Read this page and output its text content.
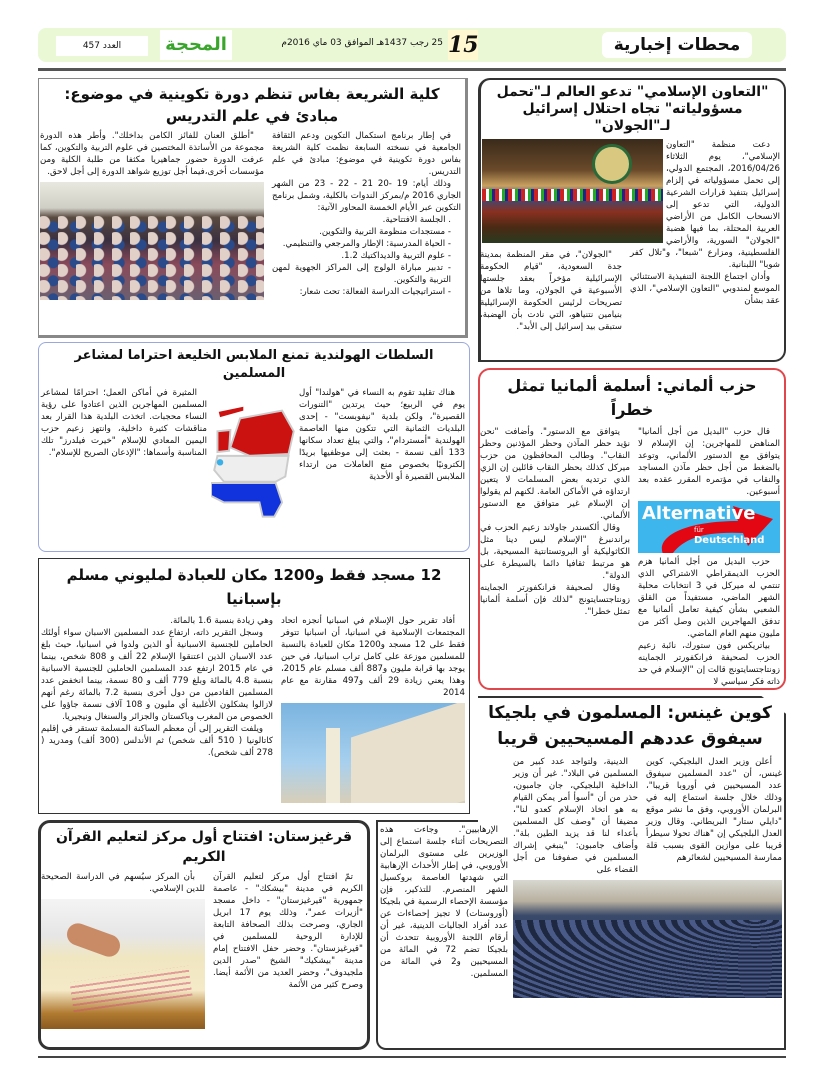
محطات إخبارية
15
25 رجب 1437هـ الموافق 03 ماي 2016م
المحجة
العدد 457
"التعاون الإسلامي" تدعو العالم لـ"تحمل
مسؤولياته" تجاه احتلال إسرائيل لـ"الجولان"

دعت منظمة "التعاون الإسلامي"، يوم الثلاثاء 2016/04/26، المجتمع الدولي، إلى تحمل مسؤولياته في إلزام إسرائيل بتنفيذ قرارات الشرعية الدولية، التي تدعو إلى الانسحاب الكامل من الأراضي العربية المحتلة، بما فيها هضبة "الجولان" السورية، والأراضي الفلسطينية، ومزارع "شبعا"، و"تلال كفر شوبا" اللبنانية.

وأدان اجتماع اللجنة التنفيذية الاستثنائي الموسع لمندوبي "التعاون الإسلامي"، الذي عقد بشأن

"الجولان"، في مقر المنظمة بمدينة جدة السعودية، "قيام الحكومة الإسرائيلية مؤخراً بعقد جلستها الأسبوعية في الجولان، وما تلاها من تصريحات لرئيس الحكومة الإسرائيلية بنيامين نتنياهو، التي نادت بأن الهضبة، ستبقى بيد إسرائيل إلى الأبد".

كلية الشريعة بفاس تنظم دورة تكوينية في موضوع:
مبادئ في علم التدريس

في إطار برنامج استكمال التكوين ودعم الثقافة الجامعية في نسخته السابعة نظمت كلية الشريعة بفاس دورة تكوينية في موضوع: مبادئ في علم التدريس.

وذلك أيام: 19 -20 21 - 22 - 23 من الشهر الجاري 2016 م/بمركز الندوات بالكلية، وشمل برنامج التكوين عبر الأيام الخمسة المحاور الآتية:

. الجلسة الافتتاحية.
- مستجدات منظومة التربية والتكوين.
- الحياة المدرسية: الإطار والمرجعي والتنظيمي.
- علوم التربية والديداكتيك 1.2.
- تدبير مباراة الولوج إلى المراكز الجهوية لمهن التربية والتكوين.
- استراتيجيات الدراسة الفعالة: تحت شعار:

"أطلق العنان للفائز الكامن بداخلك". وأطر هذه الدورة مجموعة من الأساتذة المختصين في علوم التربية والتكوين، كما عرفت الدورة حضور جماهيريا مكثفا من طلبة الكلية ومن مؤسسات أخرى،فيما أجل توزيع شواهد الدورة إلى أجل لاحق.

السلطات الهولندية تمنع الملابس الخليعة احتراما لمشاعر المسلمين

هناك تقليد تقوم به النساء في "هولندا" أول يوم في الربيع؛ حيث يرتدين "التنورات القصيرة"، ولكن بلدية "نيفوبست" - إحدى البلديات الثمانية التي تتكون منها العاصمة الهولندية "أمستردام"، والتي يبلغ تعداد سكانها 133 ألف نسمة - بعثت إلى موظفيها بريدًا إلكترونيًا بخصوص منع العاملات من ارتداء الملابس القصيرة أو الأحذية

المثيرة في أماكن العمل؛ احترامًا لمشاعر المسلمين المهاجرين الذين اعتادوا على رؤية النساء محجبات. اتخذت البلدية هذا القرار بعد مناقشات كثيرة داخلية، وانتهز زعيم حزب اليمين المعادي للإسلام "خيرت فيلدرز" تلك المناسبة وأسماها: "الإذعان الصريح للإسلام".

حزب ألماني: أسلمة ألمانيا تمثل خطراً

قال حزب "البديل من أجل ألمانيا" المناهض للمهاجرين: إن الإسلام لا يتوافق مع الدستور الألماني، وتوعد بالضغط من أجل حظر مآذن المساجد والنقاب في مؤتمره المقرر عقده بعد أسبوعين.

Alternative
für
Deutschland

حزب البديل من أجل ألمانيا هزم الحزب الديمقراطي الاشتراكي الذي تنتمي له ميركل في 3 انتخابات محلية الشهر الماضي، مستفيداً من القلق الشعبي بشأن كيفية تعامل ألمانيا مع تدفق المهاجرين الذين وصل أكثر من مليون منهم العام الماضي.

بياتريكس فون ستورك، نائبة زعيم الحزب لصحيفة فرانكفورتر الجماينه زونتاجتسايتونج قالت إن "الإسلام في حد ذاته فكر سياسي لا

يتوافق مع الدستور". وأضافت "نحن نؤيد حظر المآذن وحظر المؤذنين وحظر النقاب". وطالب المحافظون من حزب ميركل كذلك بحظر النقاب قائلين إن الزي الذي ترتديه بعض المسلمات لا يتعين ارتداؤه في الأماكن العامة. لكنهم لم يقولوا إن الإسلام غير متوافق مع الدستور الألماني.

وقال ألكسندر جاولاند زعيم الحزب في براندنبرغ "الإسلام ليس دينا مثل الكاثوليكية أو البروتستانتية المسيحية، بل هو مرتبط ثقافيا دائما بالسيطرة على الدولة".

وقال لصحيفة فرانكفورتر الجماينه زونتاجتسايتونج "لذلك فإن أسلمة ألمانيا تمثل خطرا".

12 مسجد فقط و1200 مكان للعبادة لمليوني مسلم بإسبانيا

أفاد تقرير حول الإسلام في اسبانيا أنجزه اتحاد المجتمعات الإسلامية في اسبانيا، أن اسبانيا تتوفر فقط على 12 مسجد و1200 مكان للعبادة بالنسبة للمسلمين موزعة على كامل تراب اسبانيا، في حين يوجد بها قرابة مليون و887 ألف مسلم عام 2015، وهذا يعني زيادة 29 ألف و497 مقارنة مع عام 2014

وهي زيادة بنسبة 1.6 بالمائة.

وسجل التقرير ذاته، ارتفاع عدد المسلمين الاسبان سواء أولئك الحاملين للجنسية الاسبانية أو الذين ولدوا في اسبانيا، حيث بلغ عدد الاسبان الذين اعتنقوا الإسلام 22 ألف و 808 شخص، بينما في عام 2015 ارتفع عدد المسلمين الحاملين للجنسية الاسبانية بنسبة 4.8 بالمائة وبلغ 779 ألف و 80 نسمة، بينما انخفض عدد المسلمين القادمين من دول أخرى بنسبة 7.2 بالمائة رغم أنهم لازالوا يشكلون الأغلبية أي مليون و 108 آلاف نسمة جاؤوا على الخصوص من المغرب وباكستان والجزائر والسنغال ونيجيريا.

ويلفت التقرير إلى أن معظم الساكنة المسلمة تستقر في إقليم كاتالونيا ( 510 ألف شخص) ثم الأندلس (300 ألف) ومدريد ( 278 ألف شخص).

كوين غينس: المسلمون في بلجيكا
سيفوق عددهم المسيحيين قريبا

أعلن وزير العدل البلجيكي، كوين غينس، أن "عدد المسلمين سيفوق عدد المسيحيين في أوروبا قريبا"، وذلك خلال جلسة استماع إليه في البرلمان الأوروبي، وفق ما نشر موقع "دايلي ستار" البريطاني. وقال وزير العدل البلجيكي إن "هناك تحولا سيطرأ قريبا على موازين القوى بسبب قلة ممارسة المسيحيين لشعائرهم

الدينية، ولتواجد عدد كبير من المسلمين في البلاد". غير أن وزير الداخلية البلجيكي، جان جامبون، حذر من أن "أسوأ أمر يمكن القيام به هو اتخاذ الإسلام كعدو لنا"، مضيفا أن "وصف كل المسلمين بأعداء لنا قد يزيد الطين بلة". وأضاف جامبون: "ينبغي إشراك المسلمين في صفوفنا من أجل القضاء على

الإرهابيين". وجاءت هذه التصريحات أثناء جلسة استماع إلى الوزيرين على مستوى البرلمان الأوروبي، في إطار الأحداث الإرهابية التي شهدتها العاصمة بروكسيل الشهر المنصرم. للتذكير، فإن مؤسسة الإحصاء الرسمية في بلجيكا (أوروستات) لا تجيز إحصاءات عن عدد أفراد الجاليات الدينية، غير أن أرقام اللجنة الأوروبية تتحدث أن بلجيكا تضم 72 في المائة من المسيحيين و2 في المائة من المسلمين.

قرغيزستان: افتتاح أول مركز لتعليم القرآن الكريم

تمّ افتتاح أول مركز لتعليم القرآن الكريم في مدينة "بيشكك" - عاصمة جمهورية "قيرغيزستان" - داخل مسجد "أزيرات عمر"، وذلك يوم 17 ابريل الجاري، وصرحت بذلك الصحافة التابعة للإدارة الروحية للمسلمين في "قيرغيزستان". وحضر حفل الافتتاح إمام مدينة "بيشكيك" الشيخ "صدر الدين ملجيدوف"، وحضر العديد من الأئمة أيضا. وصرح كثير من الأئمة

بأن المركز سيُسهم في الدراسة الصحيحة للدين الإسلامي.
